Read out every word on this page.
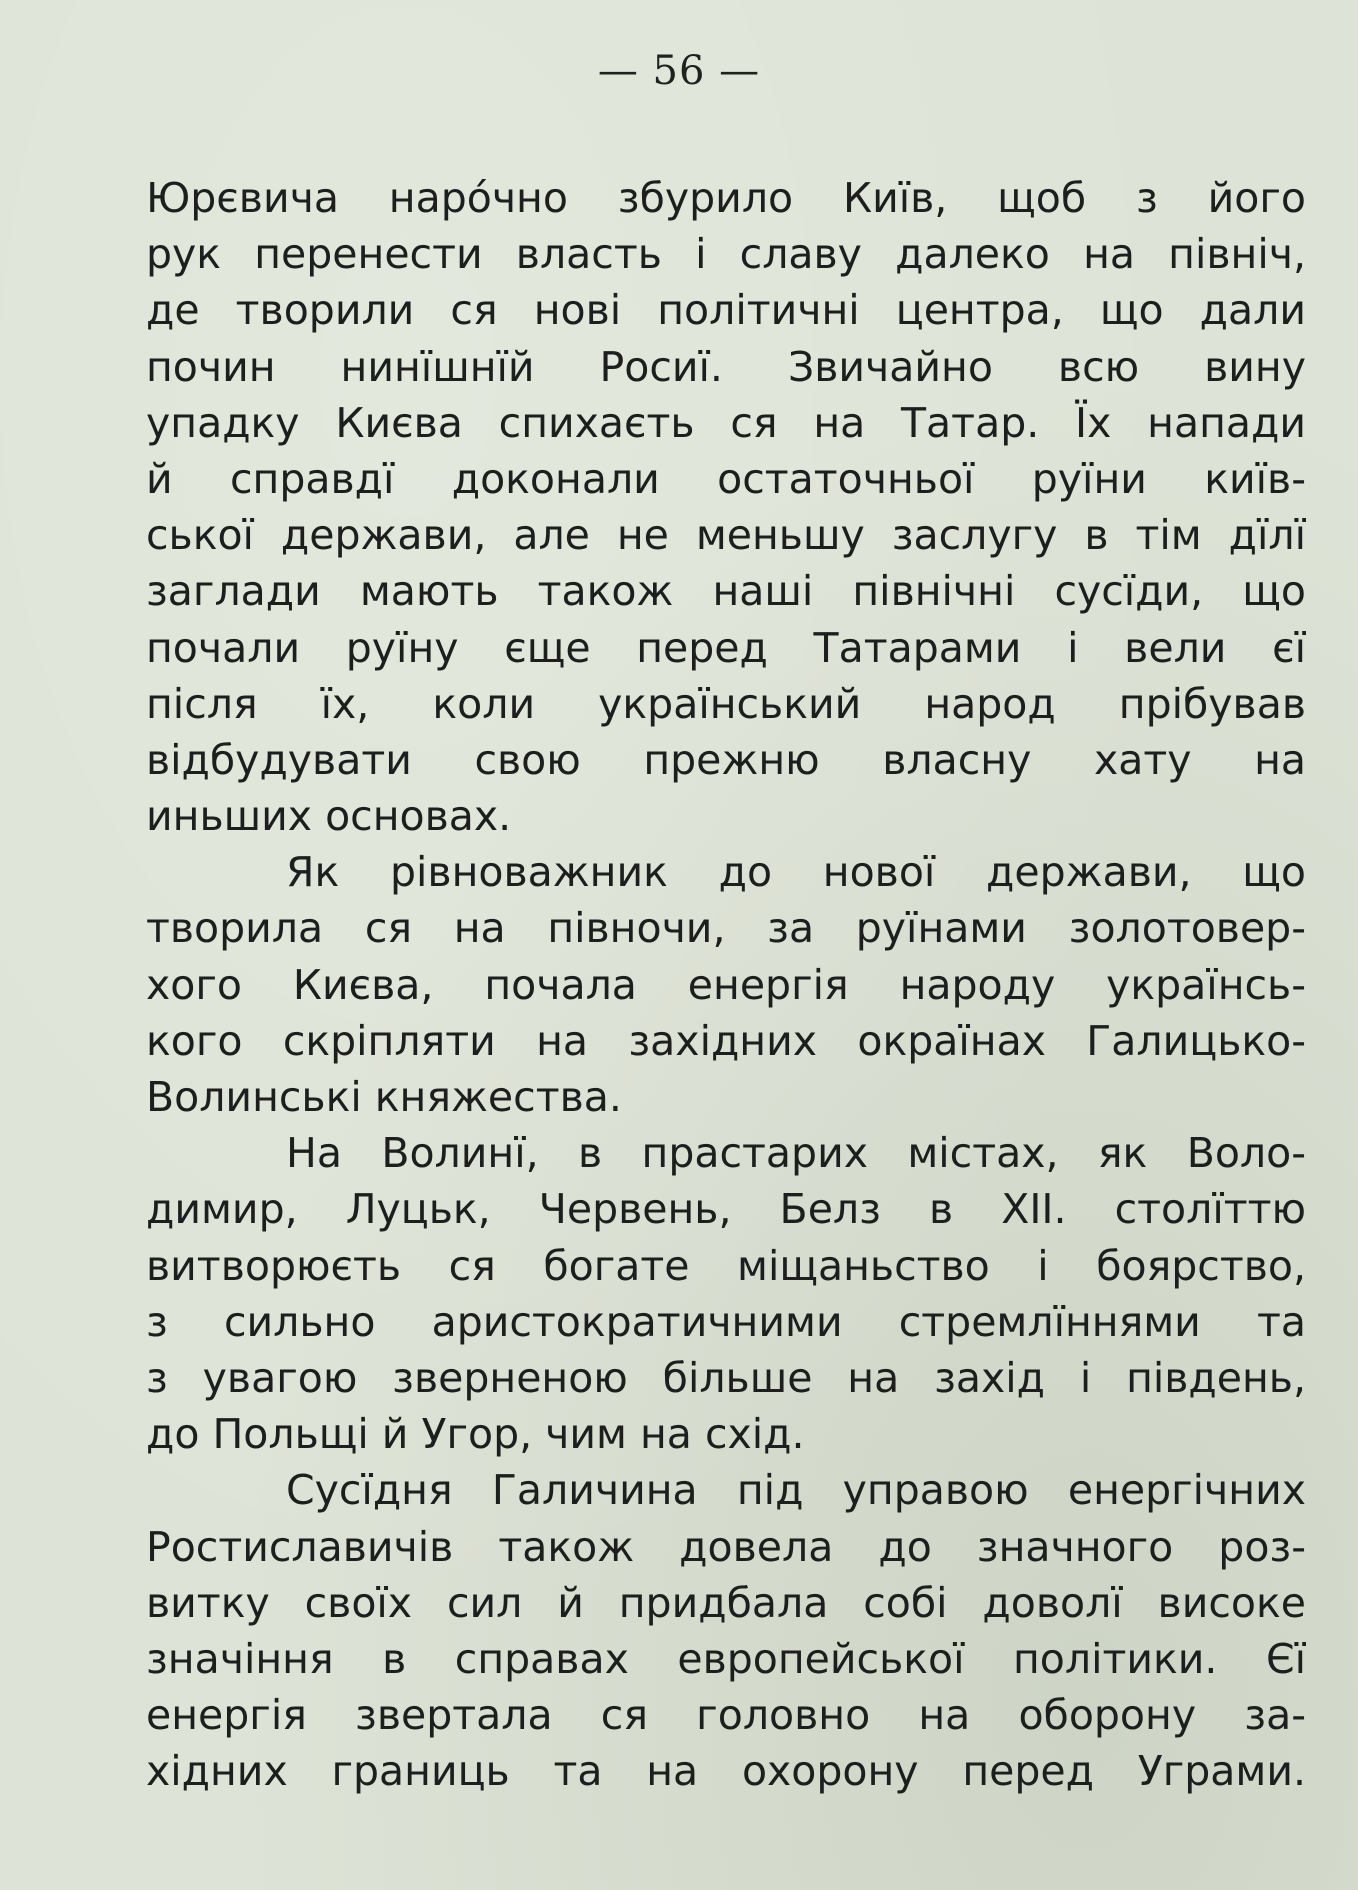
— 56 —
Юрєвича наро́чно збурило Київ, щоб з його
рук перенести власть і славу далеко на північ,
де творили ся нові політичні центра, що дали
почин нинїшнїй Росиї. Звичайно всю вину
упадку Києва спихаєть ся на Татар. Їх напади
й справдї доконали остаточньої руїни київ-
ської держави, але не меньшу заслугу в тім дїлї
заглади мають також наші північні сусїди, що
почали руїну єще перед Татарами і вели єї
після їх, коли український народ прібував
відбудувати свою прежню власну хату на
иньших основах.
Як рівноважник до нової держави, що
творила ся на півночи, за руїнами золотовер-
хого Києва, почала енергія народу українсь-
кого скріпляти на західних окраїнах Галицько-
Волинські княжества.
На Волинї, в прастарих містах, як Воло-
димир, Луцьк, Червень, Белз в XII. столїттю
витворюєть ся богате міщаньство і боярство,
з сильно аристократичними стремлїннями та
з увагою зверненою більше на захід і південь,
до Польщі й Угор, чим на схід.
Сусїдня Галичина під управою енергічних
Ростиславичів також довела до значного роз-
витку своїх сил й придбала собі доволї високе
значіння в справах европейської політики. Єї
енергія звертала ся головно на оборону за-
хідних границь та на охорону перед Уграми.
